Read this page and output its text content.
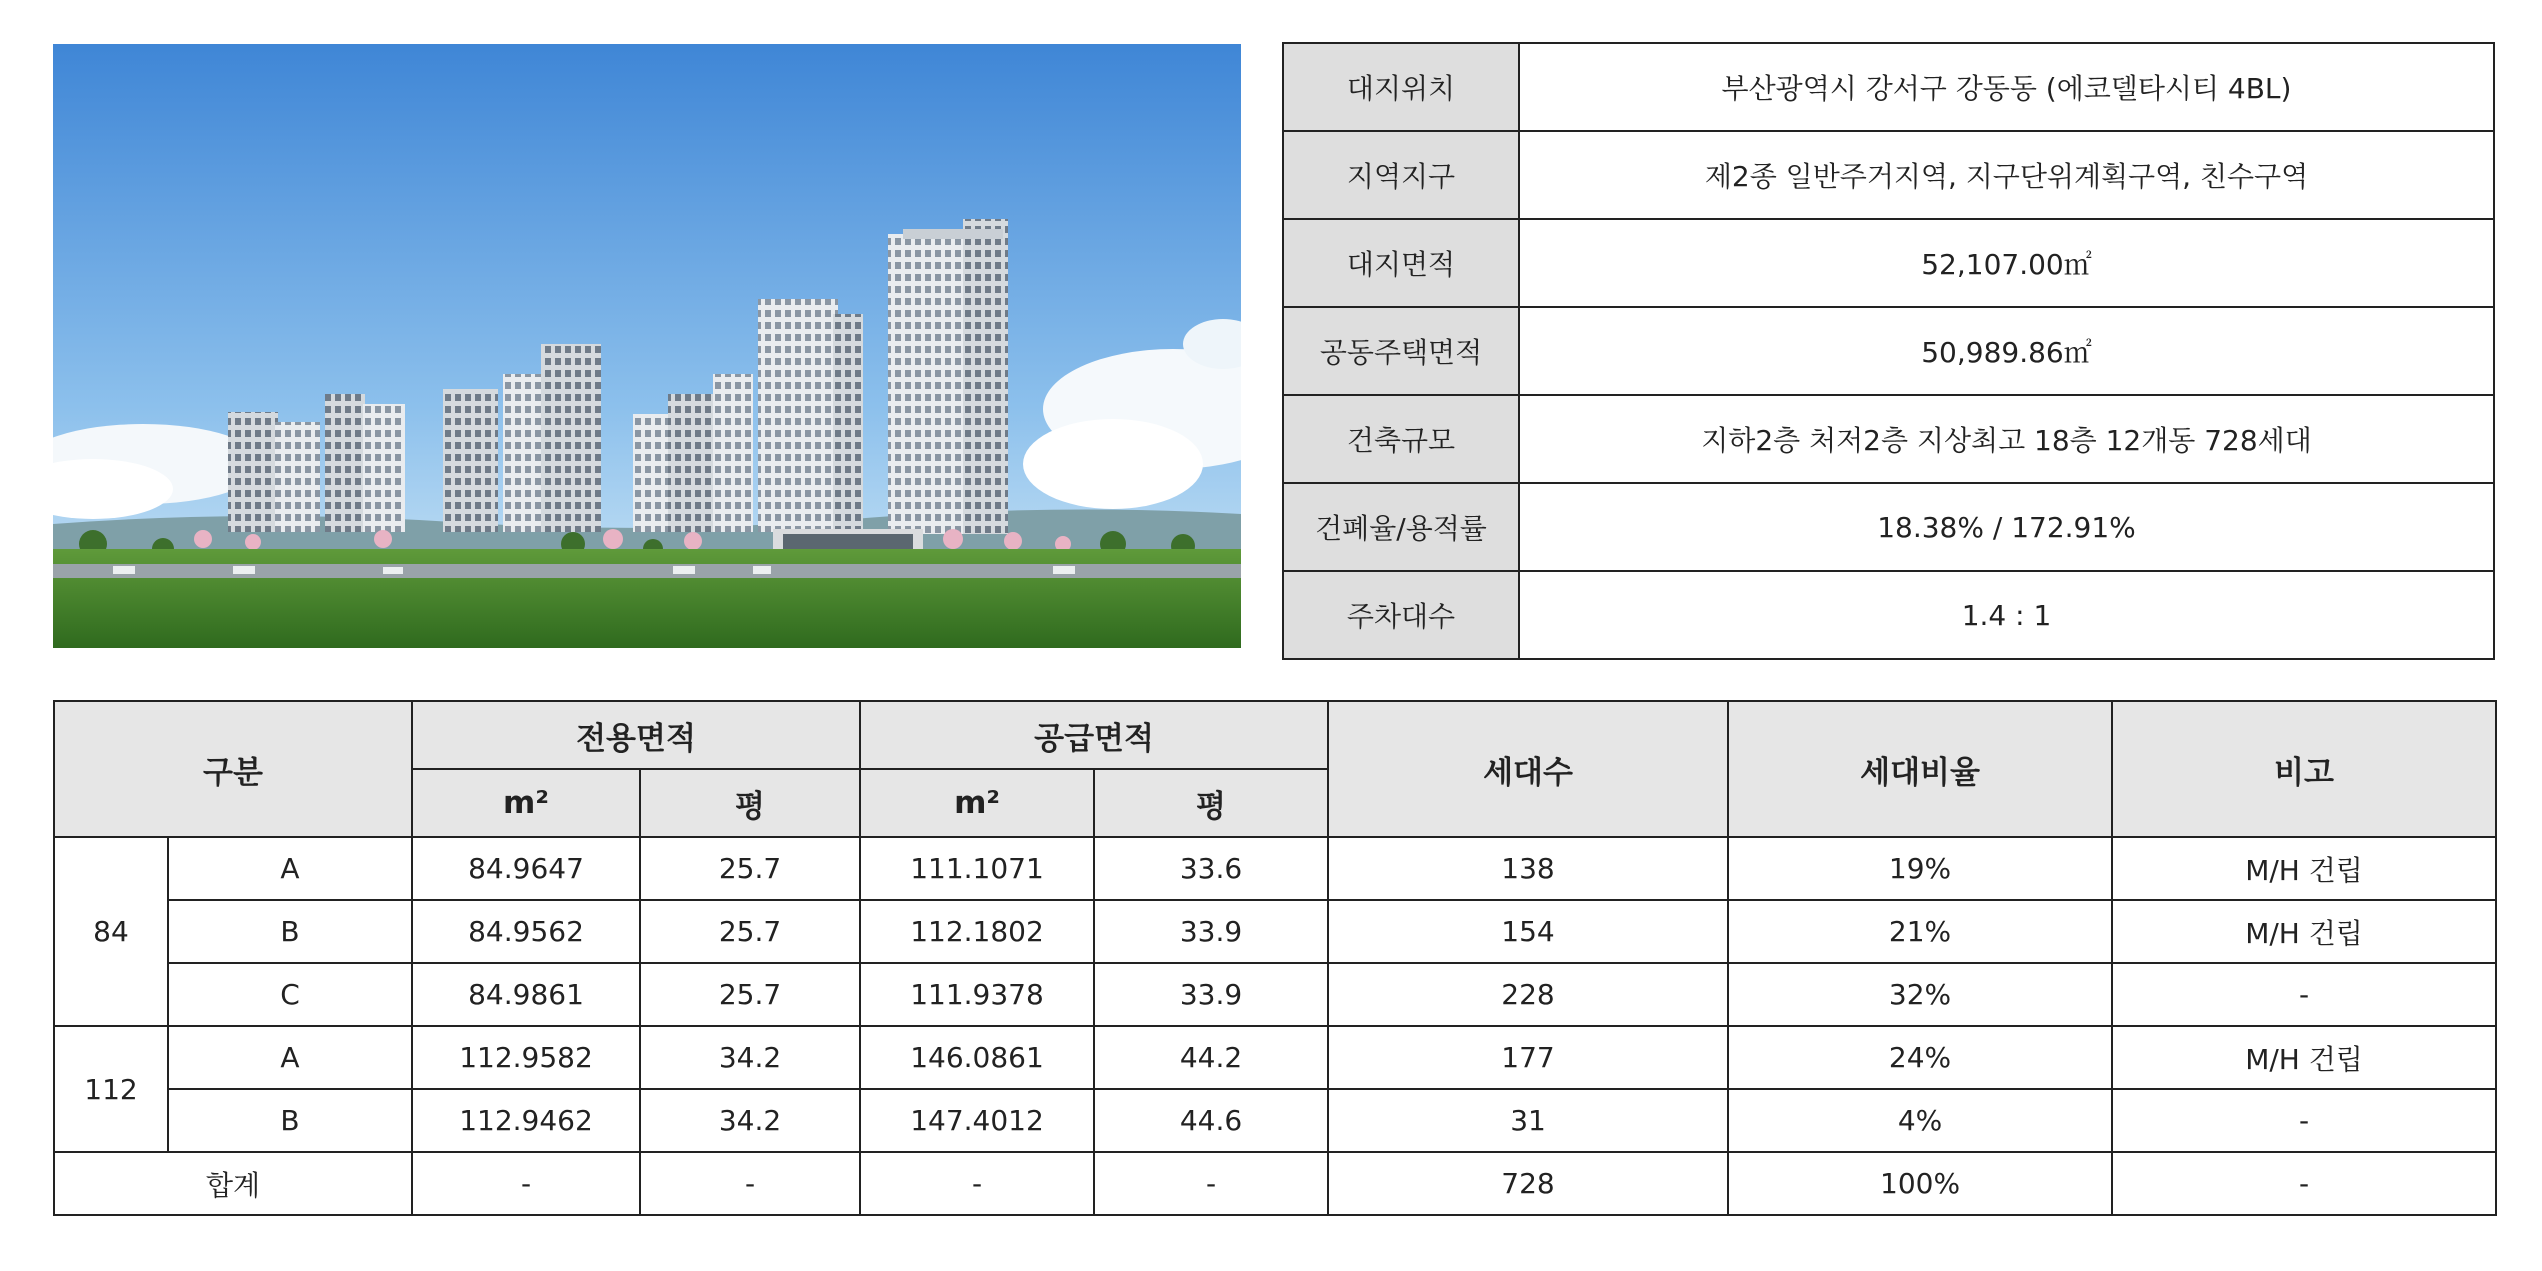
대지위치	부산광역시 강서구 강동동 (에코델타시티 4BL)
지역지구	제2종 일반주거지역, 지구단위계획구역, 친수구역
대지면적	52,107.00㎡
공동주택면적	50,989.86㎡
건축규모	지하2층 처저2층 지상최고 18층 12개동 728세대
건폐율/용적률	18.38% / 172.91%
주차대수	1.4 : 1
구분		전용면적		공급면적		세대수	세대비율	비고
		m²	평	m²	평			
84	A	84.9647	25.7	111.1071	33.6	138	19%	M/H 건립
	B	84.9562	25.7	112.1802	33.9	154	21%	M/H 건립
	C	84.9861	25.7	111.9378	33.9	228	32%	-
112	A	112.9582	34.2	146.0861	44.2	177	24%	M/H 건립
	B	112.9462	34.2	147.4012	44.6	31	4%	-
합계		-	-	-	-	728	100%	-
